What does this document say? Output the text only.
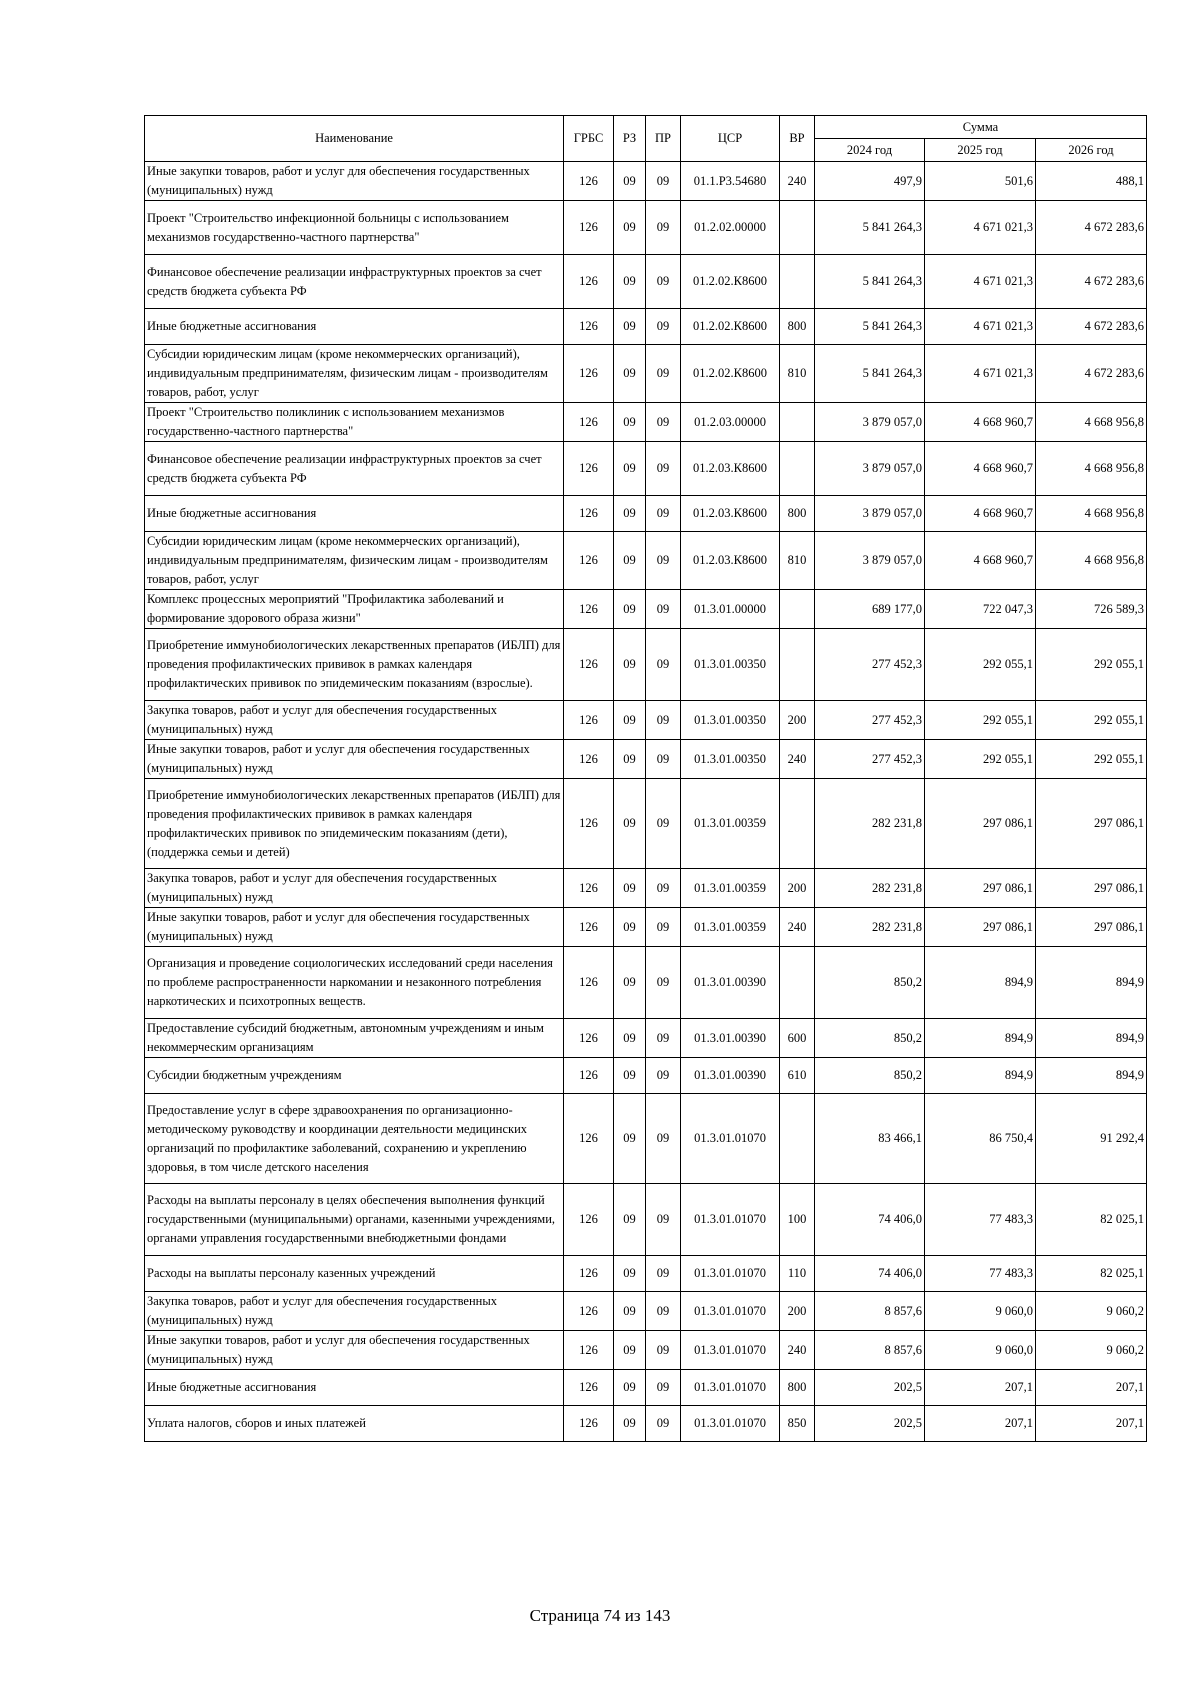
Наименование	ГРБС	РЗ	ПР	ЦСР	ВР	Сумма		
						2024 год	2025 год	2026 год
Иные закупки товаров, работ и услуг для обеспечения государственных (муниципальных) нужд	126	09	09	01.1.Р3.54680	240	497,9	501,6	488,1
Проект "Строительство инфекционной больницы с использованием механизмов государственно-частного партнерства"	126	09	09	01.2.02.00000		5 841 264,3	4 671 021,3	4 672 283,6
Финансовое обеспечение реализации инфраструктурных проектов за счет средств бюджета субъекта РФ	126	09	09	01.2.02.К8600		5 841 264,3	4 671 021,3	4 672 283,6
Иные бюджетные ассигнования	126	09	09	01.2.02.К8600	800	5 841 264,3	4 671 021,3	4 672 283,6
Субсидии юридическим лицам (кроме некоммерческих организаций), индивидуальным предпринимателям, физическим лицам - производителям товаров, работ, услуг	126	09	09	01.2.02.К8600	810	5 841 264,3	4 671 021,3	4 672 283,6
Проект "Строительство поликлиник с использованием механизмов государственно-частного партнерства"	126	09	09	01.2.03.00000		3 879 057,0	4 668 960,7	4 668 956,8
Финансовое обеспечение реализации инфраструктурных проектов за счет средств бюджета субъекта РФ	126	09	09	01.2.03.К8600		3 879 057,0	4 668 960,7	4 668 956,8
Иные бюджетные ассигнования	126	09	09	01.2.03.К8600	800	3 879 057,0	4 668 960,7	4 668 956,8
Субсидии юридическим лицам (кроме некоммерческих организаций), индивидуальным предпринимателям, физическим лицам - производителям товаров, работ, услуг	126	09	09	01.2.03.К8600	810	3 879 057,0	4 668 960,7	4 668 956,8
Комплекс процессных мероприятий "Профилактика заболеваний и формирование здорового образа жизни"	126	09	09	01.3.01.00000		689 177,0	722 047,3	726 589,3
Приобретение иммунобиологических лекарственных препаратов (ИБЛП) для проведения профилактических прививок в рамках календаря профилактических прививок по эпидемическим показаниям (взрослые).	126	09	09	01.3.01.00350		277 452,3	292 055,1	292 055,1
Закупка товаров, работ и услуг для обеспечения государственных (муниципальных) нужд	126	09	09	01.3.01.00350	200	277 452,3	292 055,1	292 055,1
Иные закупки товаров, работ и услуг для обеспечения государственных (муниципальных) нужд	126	09	09	01.3.01.00350	240	277 452,3	292 055,1	292 055,1
Приобретение иммунобиологических лекарственных препаратов (ИБЛП) для проведения профилактических прививок в рамках календаря профилактических прививок по эпидемическим показаниям (дети), (поддержка семьи и детей)	126	09	09	01.3.01.00359		282 231,8	297 086,1	297 086,1
Закупка товаров, работ и услуг для обеспечения государственных (муниципальных) нужд	126	09	09	01.3.01.00359	200	282 231,8	297 086,1	297 086,1
Иные закупки товаров, работ и услуг для обеспечения государственных (муниципальных) нужд	126	09	09	01.3.01.00359	240	282 231,8	297 086,1	297 086,1
Организация и проведение социологических исследований среди населения по проблеме распространенности наркомании и незаконного потребления наркотических и психотропных веществ.	126	09	09	01.3.01.00390		850,2	894,9	894,9
Предоставление субсидий бюджетным, автономным учреждениям и иным некоммерческим организациям	126	09	09	01.3.01.00390	600	850,2	894,9	894,9
Субсидии бюджетным учреждениям	126	09	09	01.3.01.00390	610	850,2	894,9	894,9
Предоставление услуг в сфере здравоохранения по организационно-методическому руководству и координации деятельности медицинских организаций по профилактике заболеваний, сохранению и укреплению здоровья, в том числе детского населения	126	09	09	01.3.01.01070		83 466,1	86 750,4	91 292,4
Расходы на выплаты персоналу в целях обеспечения выполнения функций государственными (муниципальными) органами, казенными учреждениями, органами управления государственными внебюджетными фондами	126	09	09	01.3.01.01070	100	74 406,0	77 483,3	82 025,1
Расходы на выплаты персоналу казенных учреждений	126	09	09	01.3.01.01070	110	74 406,0	77 483,3	82 025,1
Закупка товаров, работ и услуг для обеспечения государственных (муниципальных) нужд	126	09	09	01.3.01.01070	200	8 857,6	9 060,0	9 060,2
Иные закупки товаров, работ и услуг для обеспечения государственных (муниципальных) нужд	126	09	09	01.3.01.01070	240	8 857,6	9 060,0	9 060,2
Иные бюджетные ассигнования	126	09	09	01.3.01.01070	800	202,5	207,1	207,1
Уплата налогов, сборов и иных платежей	126	09	09	01.3.01.01070	850	202,5	207,1	207,1
Страница 74 из 143
